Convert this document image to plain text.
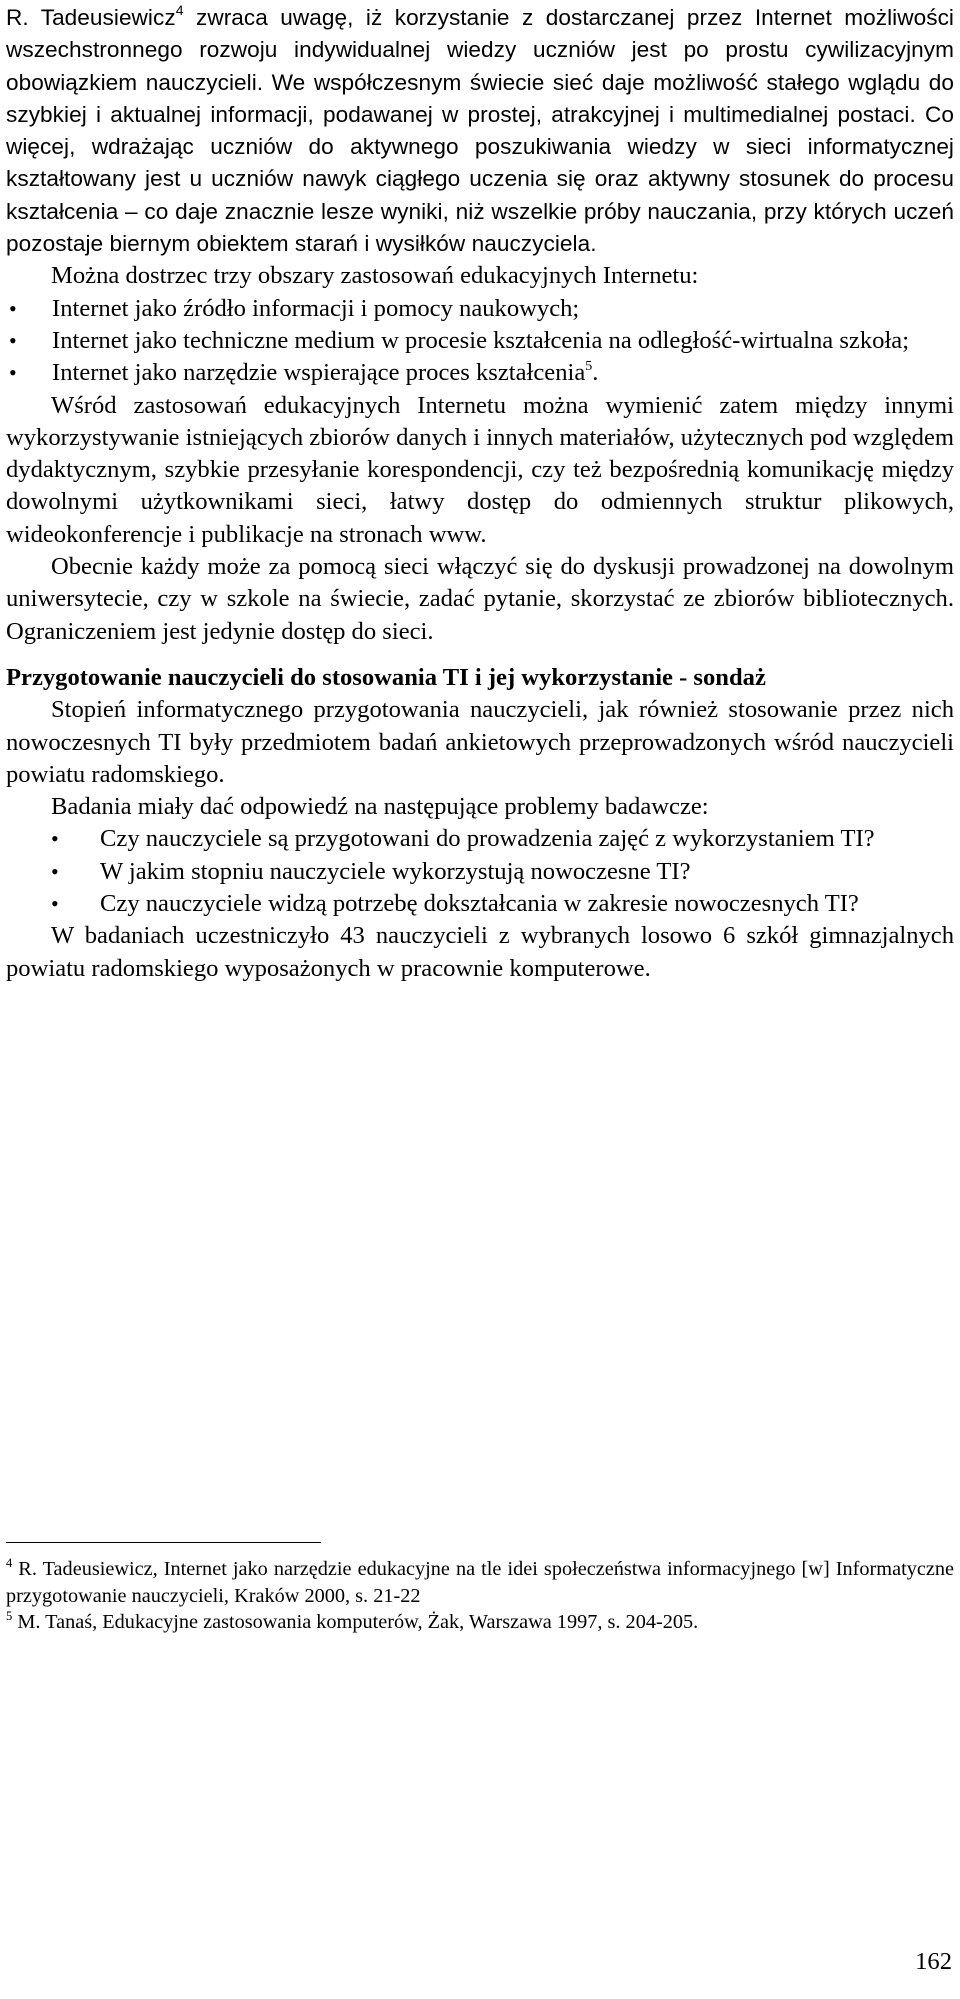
R. Tadeusiewicz$^4$ zwraca uwagę, iż korzystanie z dostarczanej przez Internet możliwości wszechstronnego rozwoju indywidualnej wiedzy uczniów jest po prostu cywilizacyjnym obowiązkiem nauczycieli. We współczesnym świecie sieć daje możliwość stałego wglądu do szybkiej i aktualnej informacji, podawanej w prostej, atrakcyjnej i multimedialnej postaci. Co więcej, wdrażając uczniów do aktywnego poszukiwania wiedzy w sieci informatycznej kształtowany jest u uczniów nawyk ciągłego uczenia się oraz aktywny stosunek do procesu kształcenia – co daje znacznie lesze wyniki, niż wszelkie próby nauczania, przy których uczeń pozostaje biernym obiektem starań i wysiłków nauczyciela.

Można dostrzec trzy obszary zastosowań edukacyjnych Internetu:

• Internet jako źródło informacji i pomocy naukowych;
• Internet jako techniczne medium w procesie kształcenia na odległość-wirtualna szkoła;
• Internet jako narzędzie wspierające proces kształcenia$^5$.

Wśród zastosowań edukacyjnych Internetu można wymienić zatem między innymi wykorzystywanie istniejących zbiorów danych i innych materiałów, użytecznych pod względem dydaktycznym, szybkie przesyłanie korespondencji, czy też bezpośrednią komunikację między dowolnymi użytkownikami sieci, łatwy dostęp do odmiennych struktur plikowych, wideokonferencje i publikacje na stronach www.

Obecnie każdy może za pomocą sieci włączyć się do dyskusji prowadzonej na dowolnym uniwersytecie, czy w szkole na świecie, zadać pytanie, skorzystać ze zbiorów bibliotecznych. Ograniczeniem jest jedynie dostęp do sieci.

Przygotowanie nauczycieli do stosowania TI i jej wykorzystanie - sondaż

Stopień informatycznego przygotowania nauczycieli, jak również stosowanie przez nich nowoczesnych TI były przedmiotem badań ankietowych przeprowadzonych wśród nauczycieli powiatu radomskiego.

Badania miały dać odpowiedź na następujące problemy badawcze:

• Czy nauczyciele są przygotowani do prowadzenia zajęć z wykorzystaniem TI?
• W jakim stopniu nauczyciele wykorzystują nowoczesne TI?
• Czy nauczyciele widzą potrzebę dokształcania w zakresie nowoczesnych TI?

W badaniach uczestniczyło 43 nauczycieli z wybranych losowo 6 szkół gimnazjalnych powiatu radomskiego wyposażonych w pracownie komputerowe.

$^4$ R. Tadeusiewicz, Internet jako narzędzie edukacyjne na tle idei społeczeństwa informacyjnego [w] Informatyczne przygotowanie nauczycieli, Kraków 2000, s. 21-22

$^5$ M. Tanaś, Edukacyjne zastosowania komputerów, Żak, Warszawa 1997, s. 204-205.

162
